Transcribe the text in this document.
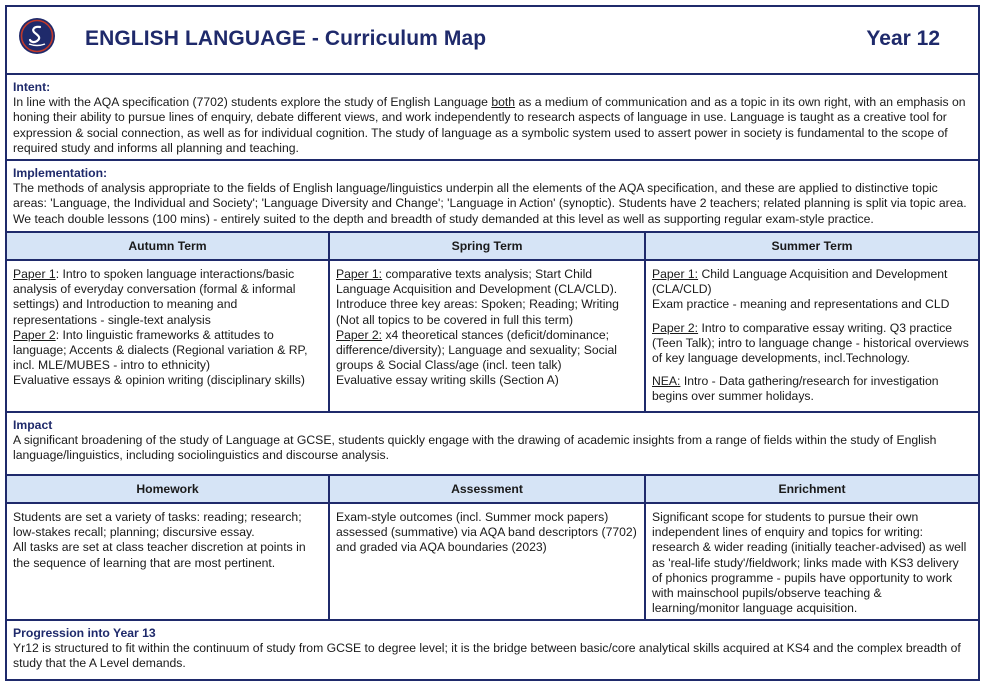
ENGLISH LANGUAGE - Curriculum Map	Year 12
Intent:
In line with the AQA specification (7702) students explore the study of English Language both as a medium of communication and as a topic in its own right, with an emphasis on honing their ability to pursue lines of enquiry, debate different views, and work independently to research aspects of language in use. Language is taught as a creative tool for expression & social connection, as well as for individual cognition. The study of language as a symbolic system used to assert power in society is fundamental to the scope of required study and informs all planning and teaching.
Implementation:
The methods of analysis appropriate to the fields of English language/linguistics underpin all the elements of the AQA specification, and these are applied to distinctive topic areas: 'Language, the Individual and Society'; 'Language Diversity and Change'; 'Language in Action' (synoptic). Students have 2 teachers; related planning is split via topic area. We teach double lessons (100 mins) - entirely suited to the depth and breadth of study demanded at this level as well as supporting regular exam-style practice.
Autumn Term

Paper 1: Intro to spoken language interactions/basic analysis of everyday conversation (formal & informal settings) and Introduction to meaning and representations - single-text analysis

Paper 2: Into linguistic frameworks & attitudes to language; Accents & dialects (Regional variation & RP, incl. MLE/MUBES - intro to ethnicity)

Evaluative essays & opinion writing (disciplinary skills)

Spring Term

Paper 1: comparative texts analysis; Start Child Language Acquisition and Development (CLA/CLD). Introduce three key areas: Spoken; Reading; Writing (Not all topics to be covered in full this term)

Paper 2: x4 theoretical stances (deficit/dominance; difference/diversity); Language and sexuality; Social groups & Social Class/age (incl. teen talk)

Evaluative essay writing skills (Section A)

Summer Term

Paper 1: Child Language Acquisition and Development (CLA/CLD)

Exam practice - meaning and representations and CLD

Paper 2: Intro to comparative essay writing. Q3 practice (Teen Talk); intro to language change - historical overviews of key language developments, incl.Technology.

NEA: Intro - Data gathering/research for investigation begins over summer holidays.

Impact
A significant broadening of the study of Language at GCSE, students quickly engage with the drawing of academic insights from a range of fields within the study of English language/linguistics, including sociolinguistics and discourse analysis.
Homework

Students are set a variety of tasks: reading; research; low-stakes recall; planning; discursive essay.

All tasks are set at class teacher discretion at points in the sequence of learning that are most pertinent.

Assessment

Exam-style outcomes (incl. Summer mock papers) assessed (summative) via AQA band descriptors (7702) and graded via AQA boundaries (2023)

Enrichment

Significant scope for students to pursue their own independent lines of enquiry and topics for writing: research & wider reading (initially teacher-advised) as well as 'real-life study'/fieldwork; links made with KS3 delivery of phonics programme - pupils have opportunity to work with mainschool pupils/observe teaching & learning/monitor language acquisition.

Progression into Year 13
Yr12 is structured to fit within the continuum of study from GCSE to degree level; it is the bridge between basic/core analytical skills acquired at KS4 and the complex breadth of study that the A Level demands.
